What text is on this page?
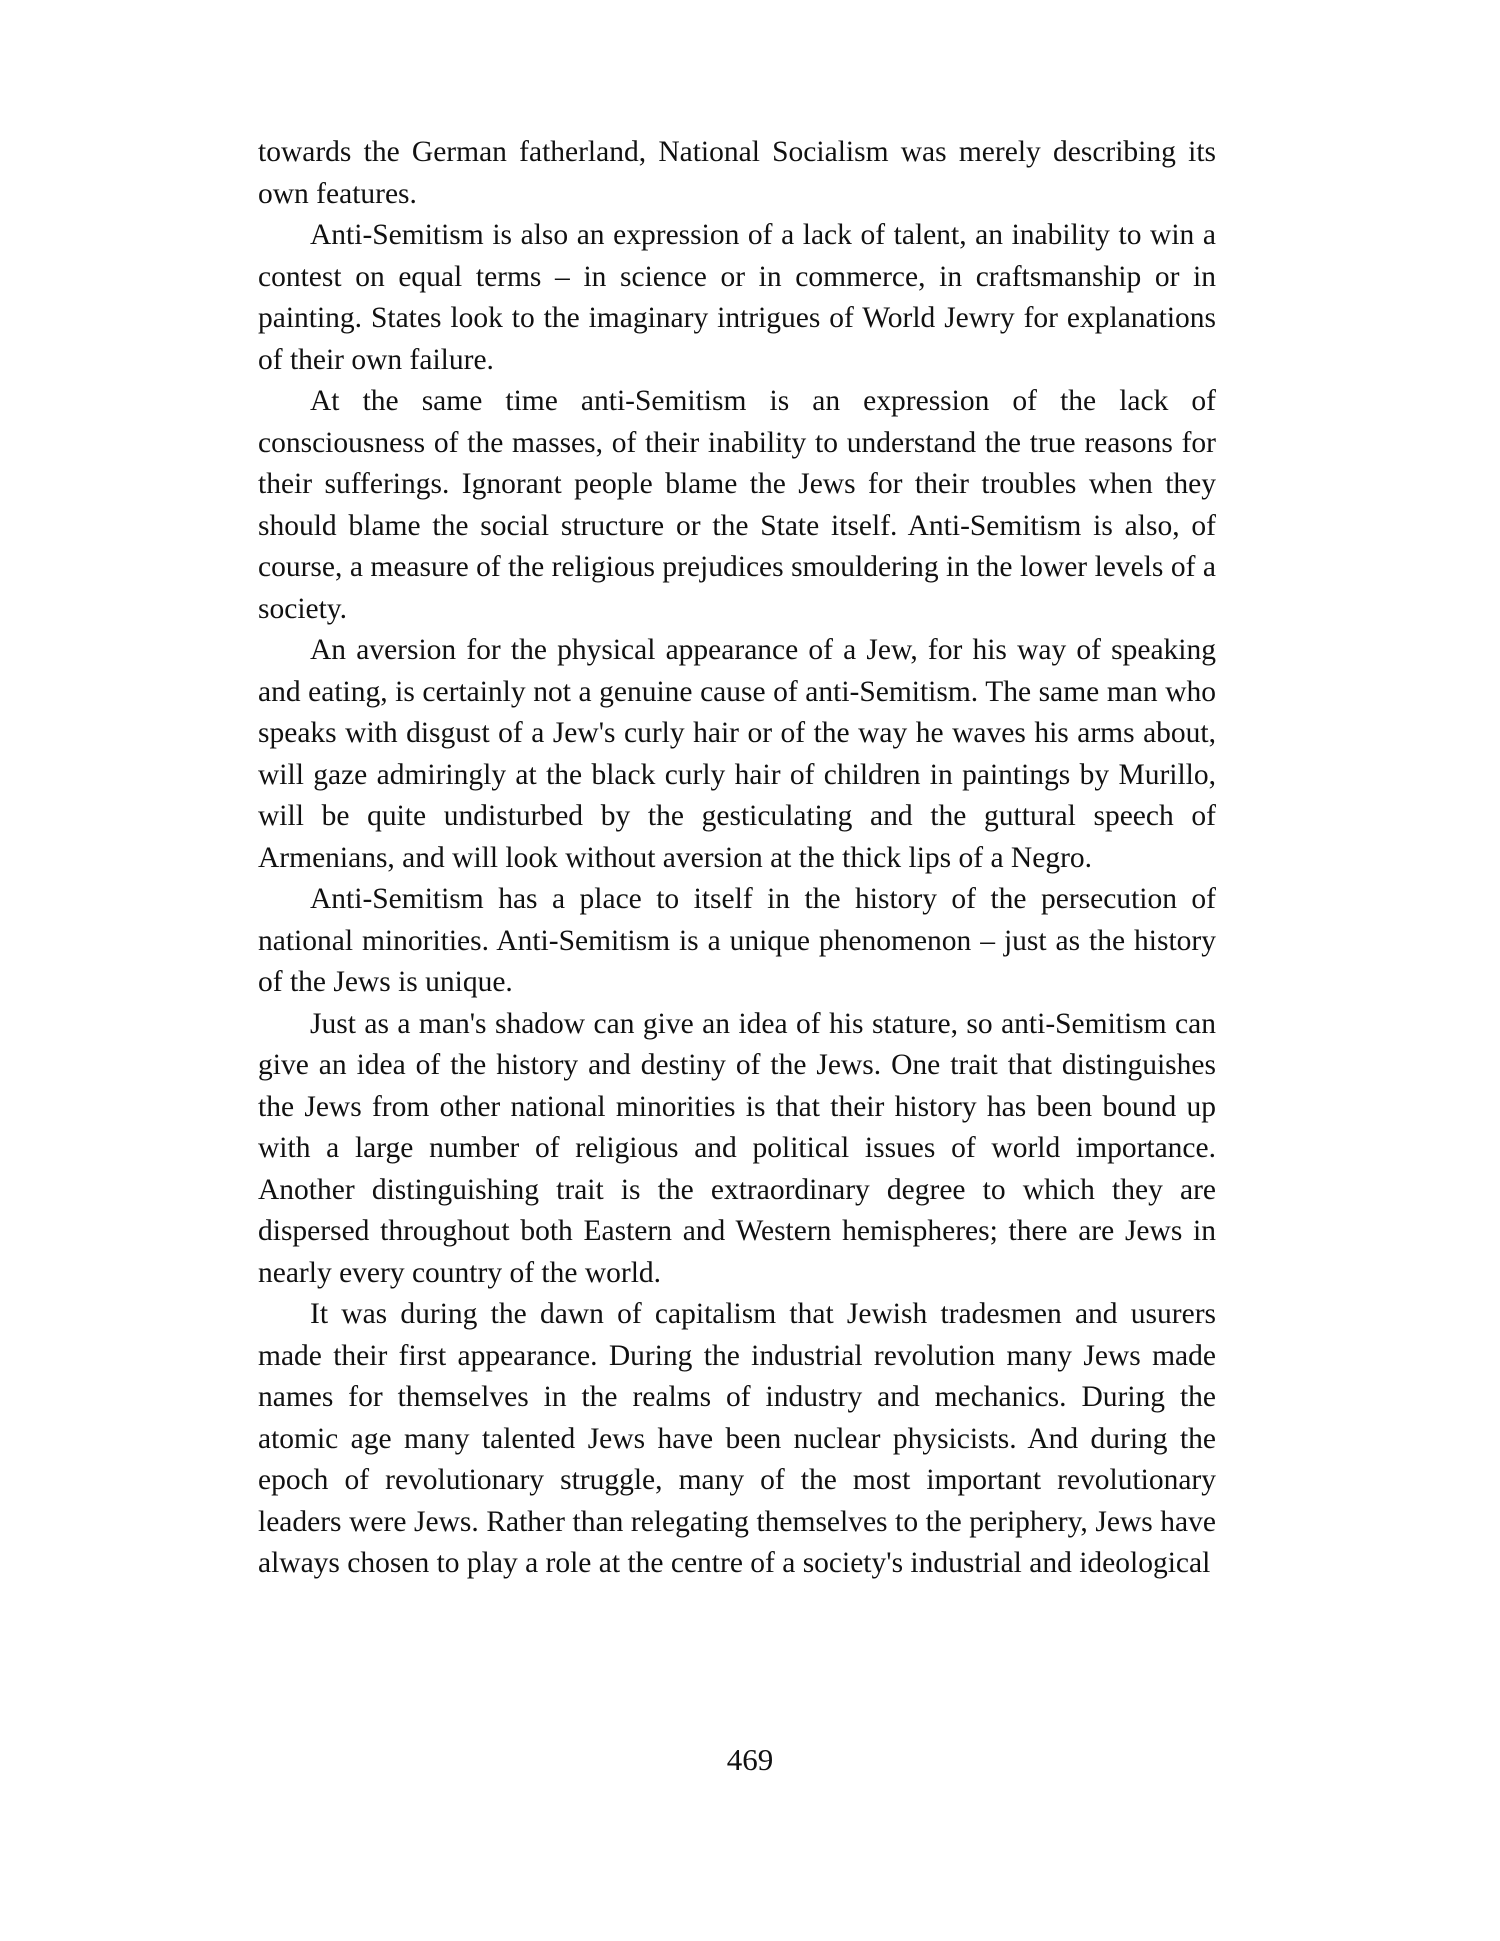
towards the German fatherland, National Socialism was merely describing its own features.

Anti-Semitism is also an expression of a lack of talent, an inability to win a contest on equal terms – in science or in commerce, in craftsmanship or in painting. States look to the imaginary intrigues of World Jewry for explanations of their own failure.

At the same time anti-Semitism is an expression of the lack of consciousness of the masses, of their inability to understand the true reasons for their sufferings. Ignorant people blame the Jews for their troubles when they should blame the social structure or the State itself. Anti-Semitism is also, of course, a measure of the religious prejudices smouldering in the lower levels of a society.

An aversion for the physical appearance of a Jew, for his way of speaking and eating, is certainly not a genuine cause of anti-Semitism. The same man who speaks with disgust of a Jew's curly hair or of the way he waves his arms about, will gaze admiringly at the black curly hair of children in paintings by Murillo, will be quite undisturbed by the gesticulating and the guttural speech of Armenians, and will look without aversion at the thick lips of a Negro.

Anti-Semitism has a place to itself in the history of the persecution of national minorities. Anti-Semitism is a unique phenomenon – just as the history of the Jews is unique.

Just as a man's shadow can give an idea of his stature, so anti-Semitism can give an idea of the history and destiny of the Jews. One trait that distinguishes the Jews from other national minorities is that their history has been bound up with a large number of religious and political issues of world importance. Another distinguishing trait is the extraordinary degree to which they are dispersed throughout both Eastern and Western hemispheres; there are Jews in nearly every country of the world.

It was during the dawn of capitalism that Jewish tradesmen and usurers made their first appearance. During the industrial revolution many Jews made names for themselves in the realms of industry and mechanics. During the atomic age many talented Jews have been nuclear physicists. And during the epoch of revolutionary struggle, many of the most important revolutionary leaders were Jews. Rather than relegating themselves to the periphery, Jews have always chosen to play a role at the centre of a society's industrial and ideological

469
